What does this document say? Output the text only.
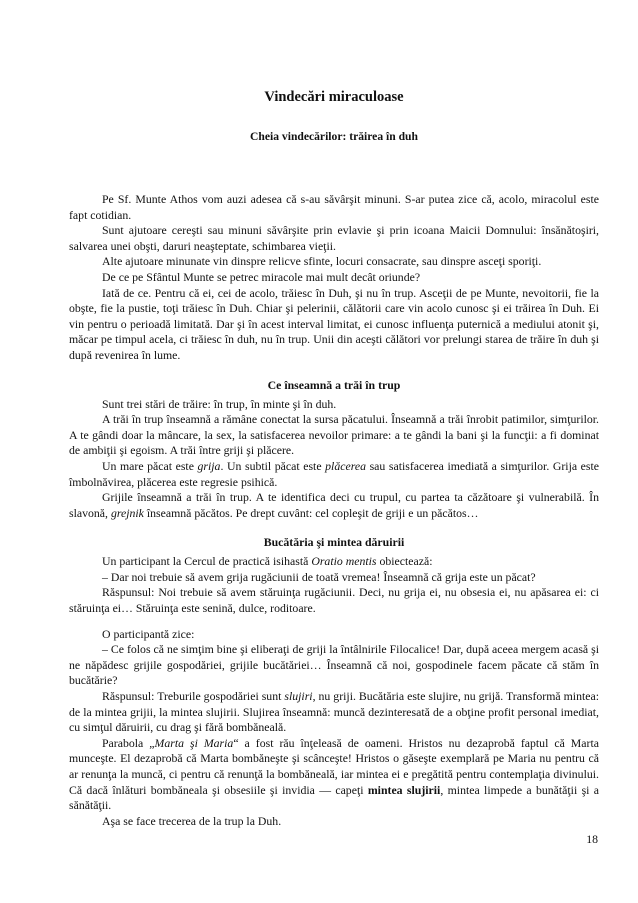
Vindecări miraculoase
Cheia vindecărilor: trăirea în duh

Pe Sf. Munte Athos vom auzi adesea că s-au săvârşit minuni. S-ar putea zice că, acolo, miracolul este fapt cotidian.

Sunt ajutoare cereşti sau minuni săvârşite prin evlavie şi prin icoana Maicii Domnului: însănătoşiri, salvarea unei obşti, daruri neaşteptate, schimbarea vieţii.

Alte ajutoare minunate vin dinspre relicve sfinte, locuri consacrate, sau dinspre asceţi sporiţi.

De ce pe Sfântul Munte se petrec miracole mai mult decât oriunde?

Iată de ce. Pentru că ei, cei de acolo, trăiesc în Duh, şi nu în trup. Asceţii de pe Munte, nevoitorii, fie la obşte, fie la pustie, toţi trăiesc în Duh. Chiar şi pelerinii, călătorii care vin acolo cunosc şi ei trăirea în Duh. Ei vin pentru o perioadă limitată. Dar şi în acest interval limitat, ei cunosc influenţa puternică a mediului atonit şi, măcar pe timpul acela, ci trăiesc în duh, nu în trup. Unii din aceşti călători vor prelungi starea de trăire în duh şi după revenirea în lume.

Ce înseamnă a trăi în trup

Sunt trei stări de trăire: în trup, în minte şi în duh.

A trăi în trup înseamnă a rămâne conectat la sursa păcatului. Înseamnă a trăi înrobit patimilor, simţurilor. A te gândi doar la mâncare, la sex, la satisfacerea nevoilor primare: a te gândi la bani şi la funcţii: a fi dominat de ambiţii şi egoism. A trăi între griji şi plăcere.

Un mare păcat este grija. Un subtil păcat este plăcerea sau satisfacerea imediată a simţurilor. Grija este îmbolnăvirea, plăcerea este regresie psihică.

Grijile înseamnă a trăi în trup. A te identifica deci cu trupul, cu partea ta căzătoare şi vulnerabilă. În slavonă, grejnik înseamnă păcătos. Pe drept cuvânt: cel copleşit de griji e un păcătos…

Bucătăria şi mintea dăruirii

Un participant la Cercul de practică isihastă Oratio mentis obiectează:

– Dar noi trebuie să avem grija rugăciunii de toată vremea! Înseamnă că grija este un păcat?

Răspunsul: Noi trebuie să avem stăruinţa rugăciunii. Deci, nu grija ei, nu obsesia ei, nu apăsarea ei: ci stăruinţa ei… Stăruinţa este senină, dulce, roditoare.

O participantă zice:

– Ce folos că ne simţim bine şi eliberaţi de griji la întâlnirile Filocalice! Dar, după aceea mergem acasă şi ne năpădesc grijile gospodăriei, grijile bucătăriei… Înseamnă că noi, gospodinele facem păcate că stăm în bucătărie?

Răspunsul: Treburile gospodăriei sunt slujiri, nu griji. Bucătăria este slujire, nu grijă. Transformă mintea: de la mintea grijii, la mintea slujirii. Slujirea înseamnă: muncă dezinteresată de a obţine profit personal imediat, cu simţul dăruirii, cu drag şi fără bombăneală.

Parabola „Marta şi Maria“ a fost rău înţeleasă de oameni. Hristos nu dezaprobă faptul că Marta munceşte. El dezaprobă că Marta bombăneşte şi scânceşte! Hristos o găseşte exemplară pe Maria nu pentru că ar renunţa la muncă, ci pentru că renunţă la bombăneală, iar mintea ei e pregătită pentru contemplaţia divinului. Că dacă înlături bombăneala şi obsesiile şi invidia — capeţi mintea slujirii, mintea limpede a bunătăţii şi a sănătăţii.

Aşa se face trecerea de la trup la Duh.

18
